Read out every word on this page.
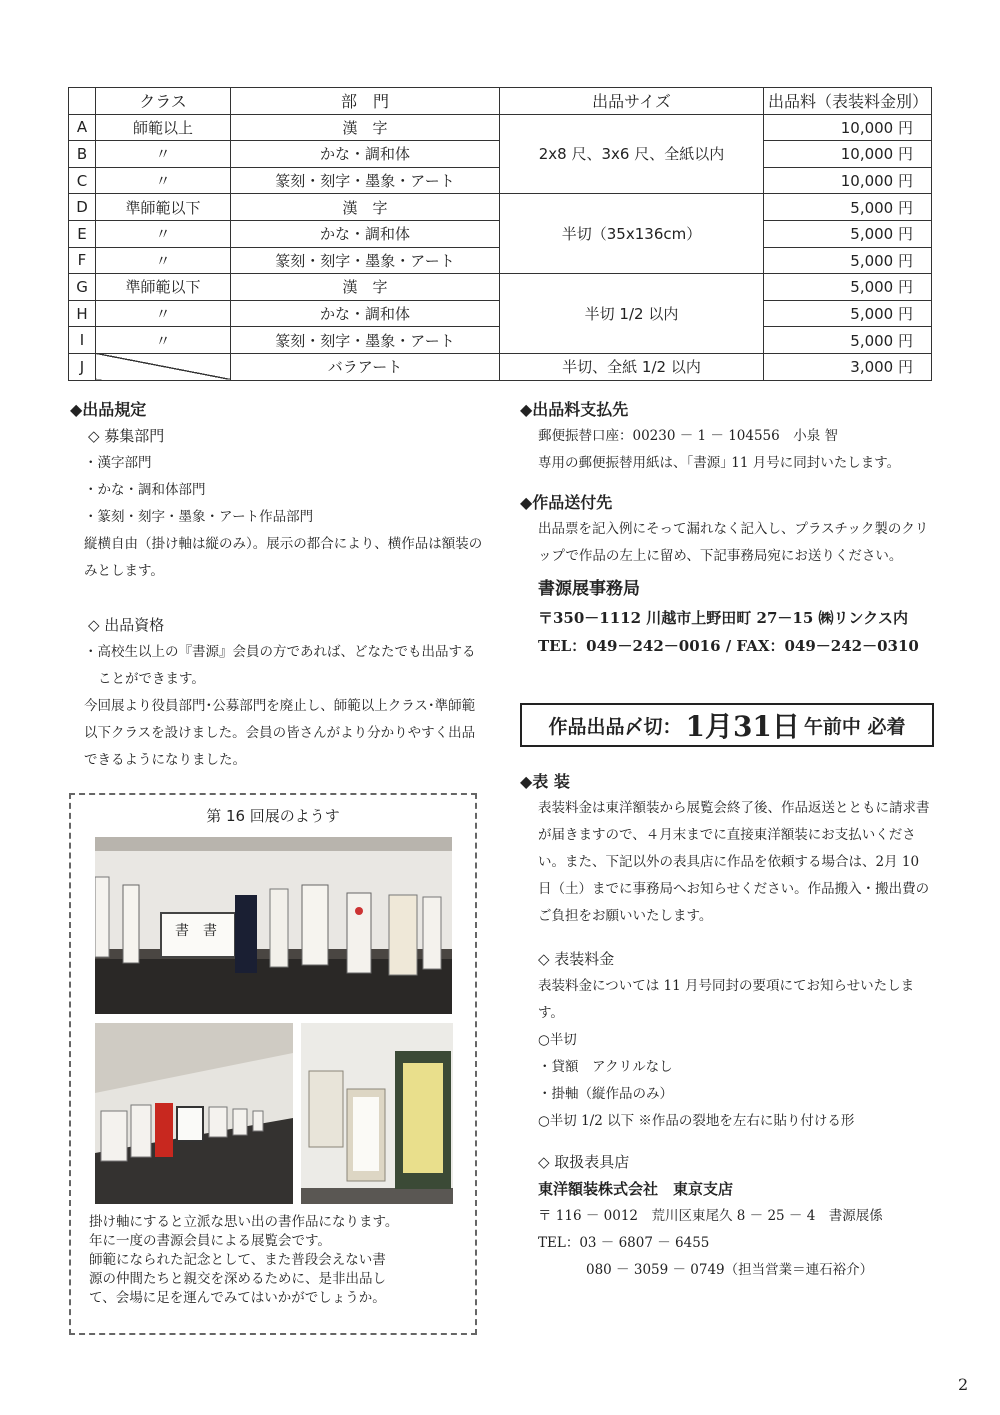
	クラス	部　門	出品サイズ	出品料（表装料金別）
A	師範以上	漢　字	2x8 尺、3x6 尺、全紙以内	10,000 円
B	〃	かな・調和体		10,000 円
C	〃	篆刻・刻字・墨象・アート		10,000 円
D	準師範以下	漢　字	半切（35x136cm）	5,000 円
E	〃	かな・調和体		5,000 円
F	〃	篆刻・刻字・墨象・アート		5,000 円
G	準師範以下	漢　字	半切 1/2 以内	5,000 円
H	〃	かな・調和体		5,000 円
I	〃	篆刻・刻字・墨象・アート		5,000 円
J		バラアート	半切、全紙 1/2 以内	3,000 円

◆出品規定

◇ 募集部門

・漢字部門

・かな・調和体部門

・篆刻・刻字・墨象・アート作品部門

縦横自由（掛け軸は縦のみ）。展示の都合により、横作品は額装のみとします。

◇ 出品資格

・高校生以上の『書源』会員の方であれば、どなたでも出品することができます。

今回展より役員部門･公募部門を廃止し、師範以上クラス･準師範以下クラスを設けました。会員の皆さんがより分かりやすく出品できるようになりました。

第 16 回展のようす
書　書
掛け軸にすると立派な思い出の書作品になります。
年に一度の書源会員による展覧会です。
師範になられた記念として、また普段会えない書
源の仲間たちと親交を深めるために、是非出品し
て、会場に足を運んでみてはいかがでしょうか。

◆出品料支払先

郵便振替口座：00230 － 1 － 104556　小泉 智

専用の郵便振替用紙は、｢書源｣ 11 月号に同封いたします。

◆作品送付先

出品票を記入例にそって漏れなく記入し、プラスチック製のクリップで作品の左上に留め、下記事務局宛にお送りください。

書源展事務局

〒350－1112 川越市上野田町 27－15 ㈱リンクス内

TEL：049－242－0016 / FAX：049－242－0310

作品出品〆切： 1月31日 午前中 必着

◆表 装

表装料金は東洋額装から展覧会終了後、作品返送とともに請求書が届きますので、４月末までに直接東洋額装にお支払いください。また、下記以外の表具店に作品を依頼する場合は、2月 10 日（土）までに事務局へお知らせください。作品搬入・搬出費のご負担をお願いいたします。

◇ 表装料金

表装料金については 11 月号同封の要項にてお知らせいたします。

○半切

・貸額　アクリルなし

・掛軸（縦作品のみ）

○半切 1/2 以下 ※作品の裂地を左右に貼り付ける形

◇ 取扱表具店

東洋額装株式会社　東京支店

〒 116 － 0012　荒川区東尾久 8 － 25 － 4　書源展係

TEL：03 － 6807 － 6455

080 － 3059 － 0749（担当営業＝連石裕介）

2
